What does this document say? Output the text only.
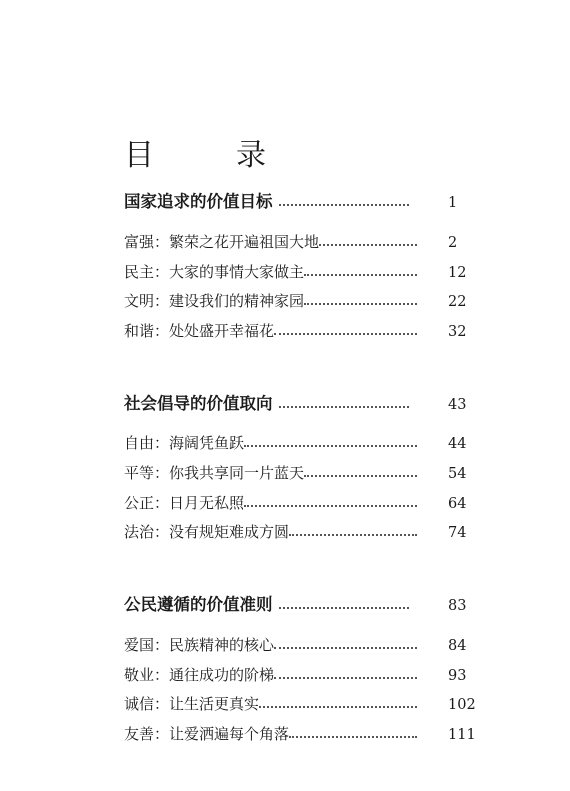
目　录
国家追求的价值目标	1
富强：繁荣之花开遍祖国大地	2
民主：大家的事情大家做主	12
文明：建设我们的精神家园	22
和谐：处处盛开幸福花	32
社会倡导的价值取向	43
自由：海阔凭鱼跃	44
平等：你我共享同一片蓝天	54
公正：日月无私照	64
法治：没有规矩难成方圆	74
公民遵循的价值准则	83
爱国：民族精神的核心	84
敬业：通往成功的阶梯	93
诚信：让生活更真实	102
友善：让爱洒遍每个角落	111
